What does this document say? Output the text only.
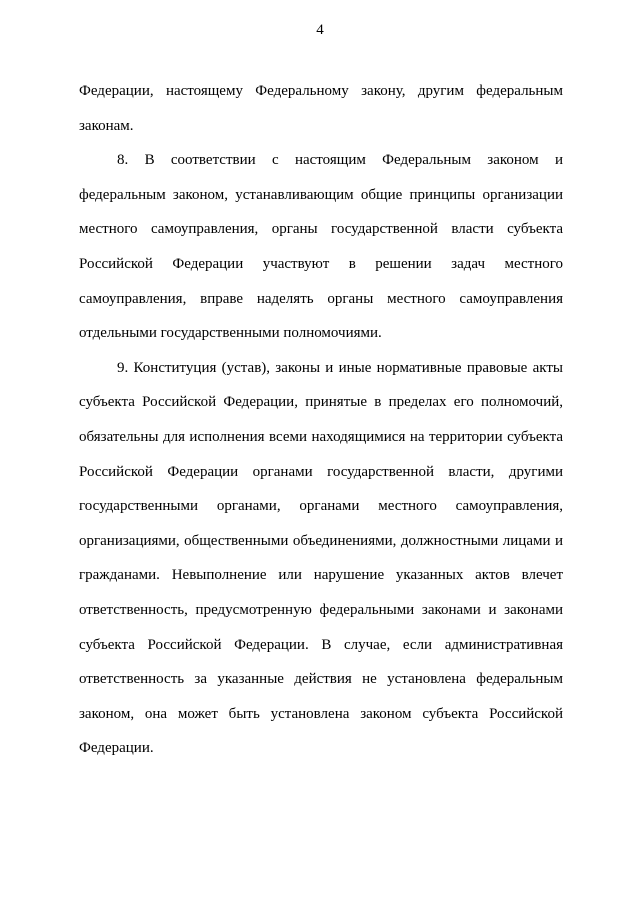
4

Федерации, настоящему Федеральному закону, другим федеральным законам.

8. В соответствии с настоящим Федеральным законом и федеральным законом, устанавливающим общие принципы организации местного самоуправления, органы государственной власти субъекта Российской Федерации участвуют в решении задач местного самоуправления, вправе наделять органы местного самоуправления отдельными государственными полномочиями.

9. Конституция (устав), законы и иные нормативные правовые акты субъекта Российской Федерации, принятые в пределах его полномочий, обязательны для исполнения всеми находящимися на территории субъекта Российской Федерации органами государственной власти, другими государственными органами, органами местного самоуправления, организациями, общественными объединениями, должностными лицами и гражданами. Невыполнение или нарушение указанных актов влечет ответственность, предусмотренную федеральными законами и законами субъекта Российской Федерации. В случае, если административная ответственность за указанные действия не установлена федеральным законом, она может быть установлена законом субъекта Российской Федерации.
